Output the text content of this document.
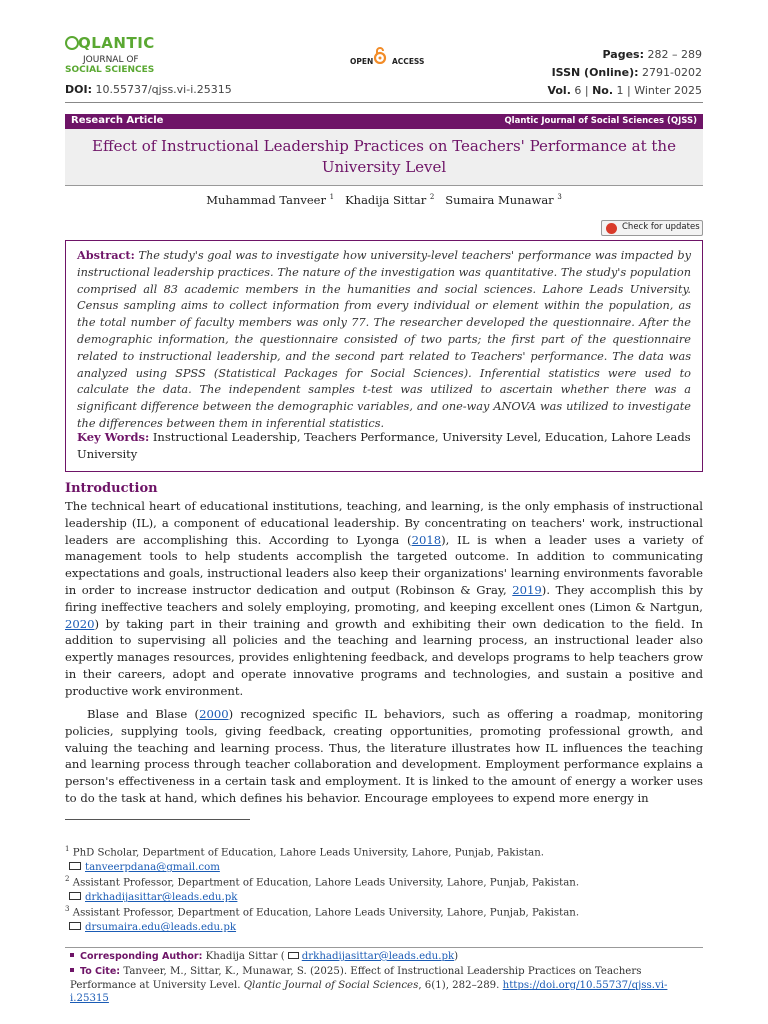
QLANTIC
JOURNAL OF
SOCIAL SCIENCES
OPEN ACCESS
Pages: 282 – 289
ISSN (Online): 2791-0202
Vol. 6 | No. 1 | Winter 2025
DOI: 10.55737/qjss.vi-i.25315
Research Article	Qlantic Journal of Social Sciences (QJSS)
Effect of Instructional Leadership Practices on Teachers' Performance at the University Level
Muhammad Tanveer $^1$ Khadija Sittar $^2$ Sumaira Munawar $^3$
Check for updates
Abstract: The study's goal was to investigate how university-level teachers' performance was impacted by instructional leadership practices. The nature of the investigation was quantitative. The study's population comprised all 83 academic members in the humanities and social sciences. Lahore Leads University. Census sampling aims to collect information from every individual or element within the population, as the total number of faculty members was only 77. The researcher developed the questionnaire. After the demographic information, the questionnaire consisted of two parts; the first part of the questionnaire related to instructional leadership, and the second part related to Teachers' performance. The data was analyzed using SPSS (Statistical Packages for Social Sciences). Inferential statistics were used to calculate the data. The independent samples t-test was utilized to ascertain whether there was a significant difference between the demographic variables, and one-way ANOVA was utilized to investigate the differences between them in inferential statistics.
Key Words: Instructional Leadership, Teachers Performance, University Level, Education, Lahore Leads University
Introduction
The technical heart of educational institutions, teaching, and learning, is the only emphasis of instructional leadership (IL), a component of educational leadership. By concentrating on teachers' work, instructional leaders are accomplishing this. According to Lyonga (2018), IL is when a leader uses a variety of management tools to help students accomplish the targeted outcome. In addition to communicating expectations and goals, instructional leaders also keep their organizations' learning environments favorable in order to increase instructor dedication and output (Robinson & Gray, 2019). They accomplish this by firing ineffective teachers and solely employing, promoting, and keeping excellent ones (Limon & Nartgun, 2020) by taking part in their training and growth and exhibiting their own dedication to the field. In addition to supervising all policies and the teaching and learning process, an instructional leader also expertly manages resources, provides enlightening feedback, and develops programs to help teachers grow in their careers, adopt and operate innovative programs and technologies, and sustain a positive and productive work environment.
Blase and Blase (2000) recognized specific IL behaviors, such as offering a roadmap, monitoring policies, supplying tools, giving feedback, creating opportunities, promoting professional growth, and valuing the teaching and learning process. Thus, the literature illustrates how IL influences the teaching and learning process through teacher collaboration and development. Employment performance explains a person's effectiveness in a certain task and employment. It is linked to the amount of energy a worker uses to do the task at hand, which defines his behavior. Encourage employees to expend more energy in
$^1$ PhD Scholar, Department of Education, Lahore Leads University, Lahore, Punjab, Pakistan.
tanveerpdana@gmail.com
$^2$ Assistant Professor, Department of Education, Lahore Leads University, Lahore, Punjab, Pakistan.
drkhadijasittar@leads.edu.pk
$^3$ Assistant Professor, Department of Education, Lahore Leads University, Lahore, Punjab, Pakistan.
drsumaira.edu@leads.edu.pk
Corresponding Author: Khadija Sittar ( drkhadijasittar@leads.edu.pk)
To Cite: Tanveer, M., Sittar, K., Munawar, S. (2025). Effect of Instructional Leadership Practices on Teachers Performance at University Level. Qlantic Journal of Social Sciences, 6(1), 282–289. https://doi.org/10.55737/qjss.vi-i.25315
